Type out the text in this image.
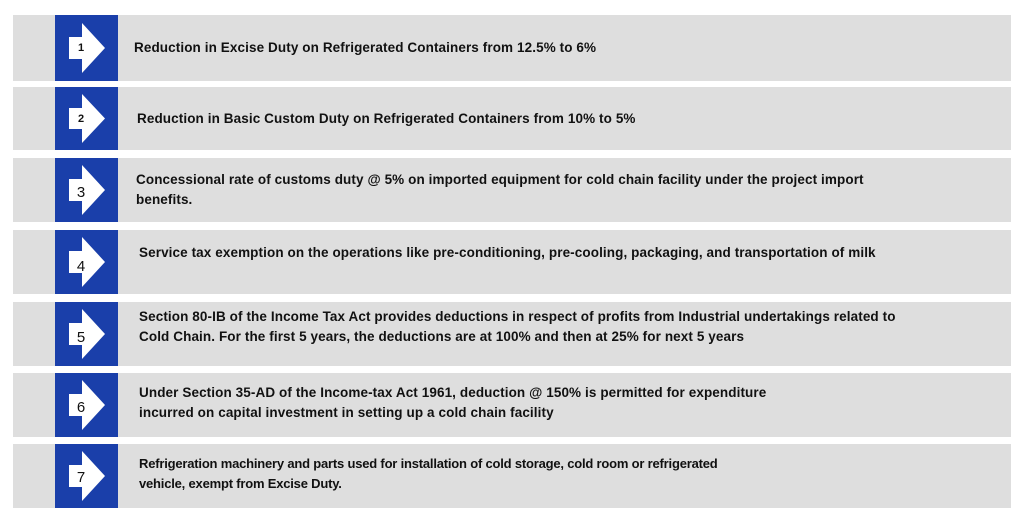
1	Reduction in Excise Duty on Refrigerated Containers from 12.5% to 6%
2	Reduction in Basic Custom Duty on Refrigerated Containers from 10% to 5%
3
Concessional rate of customs duty @ 5% on imported equipment for cold chain facility under the project import
benefits.
4
Service tax exemption on the operations like pre-conditioning, pre-cooling, packaging, and transportation of milk
5
Section 80-IB of the Income Tax Act provides deductions in respect of profits from Industrial undertakings related to
Cold Chain. For the first 5 years, the deductions are at 100% and then at 25% for next 5 years
6
Under Section 35-AD of the Income-tax Act 1961, deduction @ 150% is permitted for expenditure
incurred on capital investment in setting up a cold chain facility
7
Refrigeration machinery and parts used for installation of cold storage, cold room or refrigerated
vehicle, exempt from Excise Duty.
